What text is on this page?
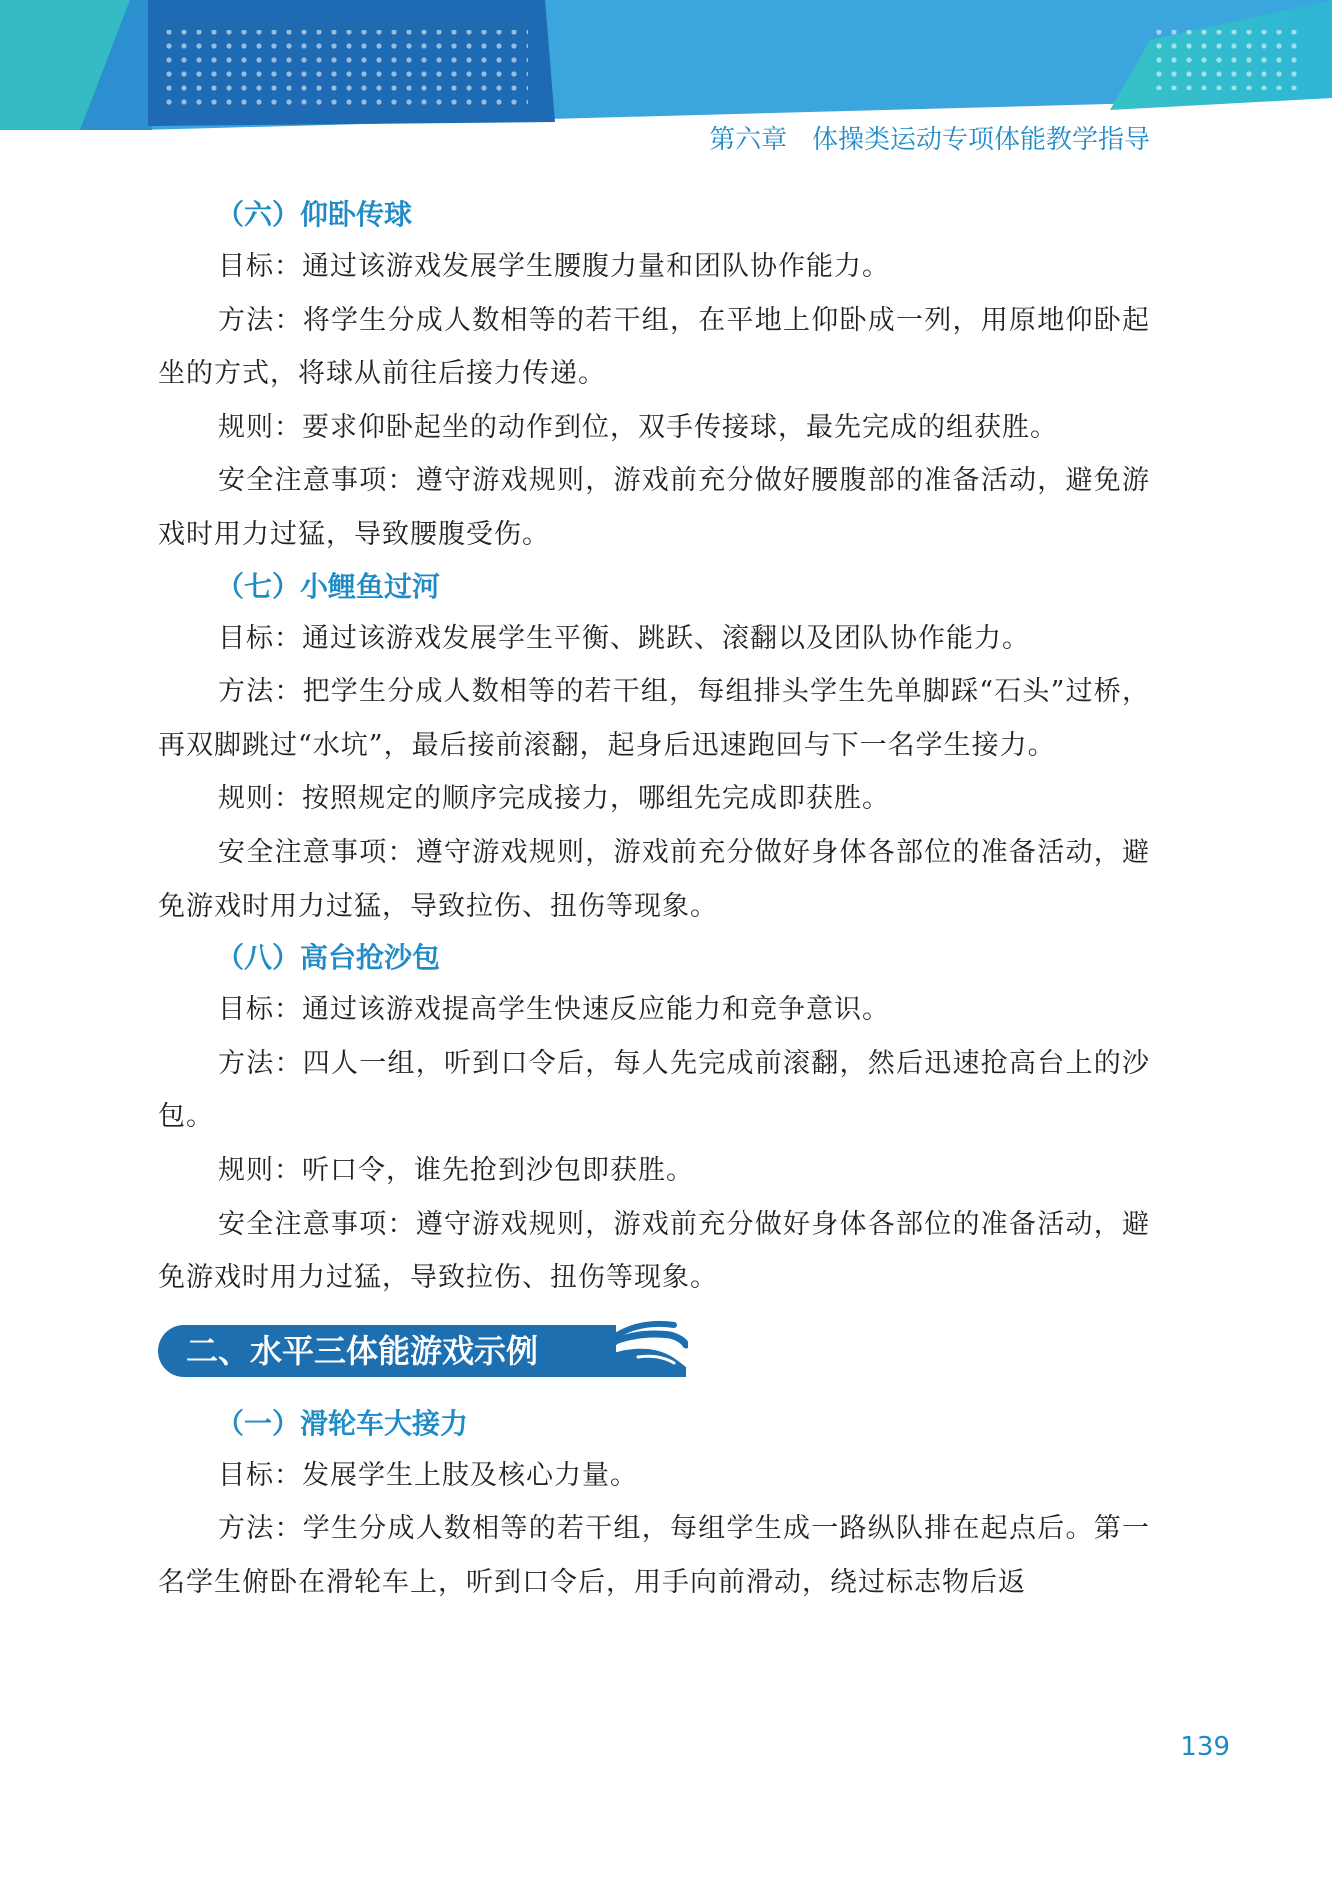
第六章 体操类运动专项体能教学指导
（六）仰卧传球

目标：通过该游戏发展学生腰腹力量和团队协作能力。

方法：将学生分成人数相等的若干组，在平地上仰卧成一列，用原地仰卧起坐的方式，将球从前往后接力传递。

规则：要求仰卧起坐的动作到位，双手传接球，最先完成的组获胜。

安全注意事项：遵守游戏规则，游戏前充分做好腰腹部的准备活动，避免游戏时用力过猛，导致腰腹受伤。

（七）小鲤鱼过河

目标：通过该游戏发展学生平衡、跳跃、滚翻以及团队协作能力。

方法：把学生分成人数相等的若干组，每组排头学生先单脚踩“石头”过桥，再双脚跳过“水坑”，最后接前滚翻，起身后迅速跑回与下一名学生接力。

规则：按照规定的顺序完成接力，哪组先完成即获胜。

安全注意事项：遵守游戏规则，游戏前充分做好身体各部位的准备活动，避免游戏时用力过猛，导致拉伤、扭伤等现象。

（八）高台抢沙包

目标：通过该游戏提高学生快速反应能力和竞争意识。

方法：四人一组，听到口令后，每人先完成前滚翻，然后迅速抢高台上的沙包。

规则：听口令，谁先抢到沙包即获胜。

安全注意事项：遵守游戏规则，游戏前充分做好身体各部位的准备活动，避免游戏时用力过猛，导致拉伤、扭伤等现象。

二、水平三体能游戏示例
（一）滑轮车大接力

目标：发展学生上肢及核心力量。

方法：学生分成人数相等的若干组，每组学生成一路纵队排在起点后。第一名学生俯卧在滑轮车上，听到口令后，用手向前滑动，绕过标志物后返

139
